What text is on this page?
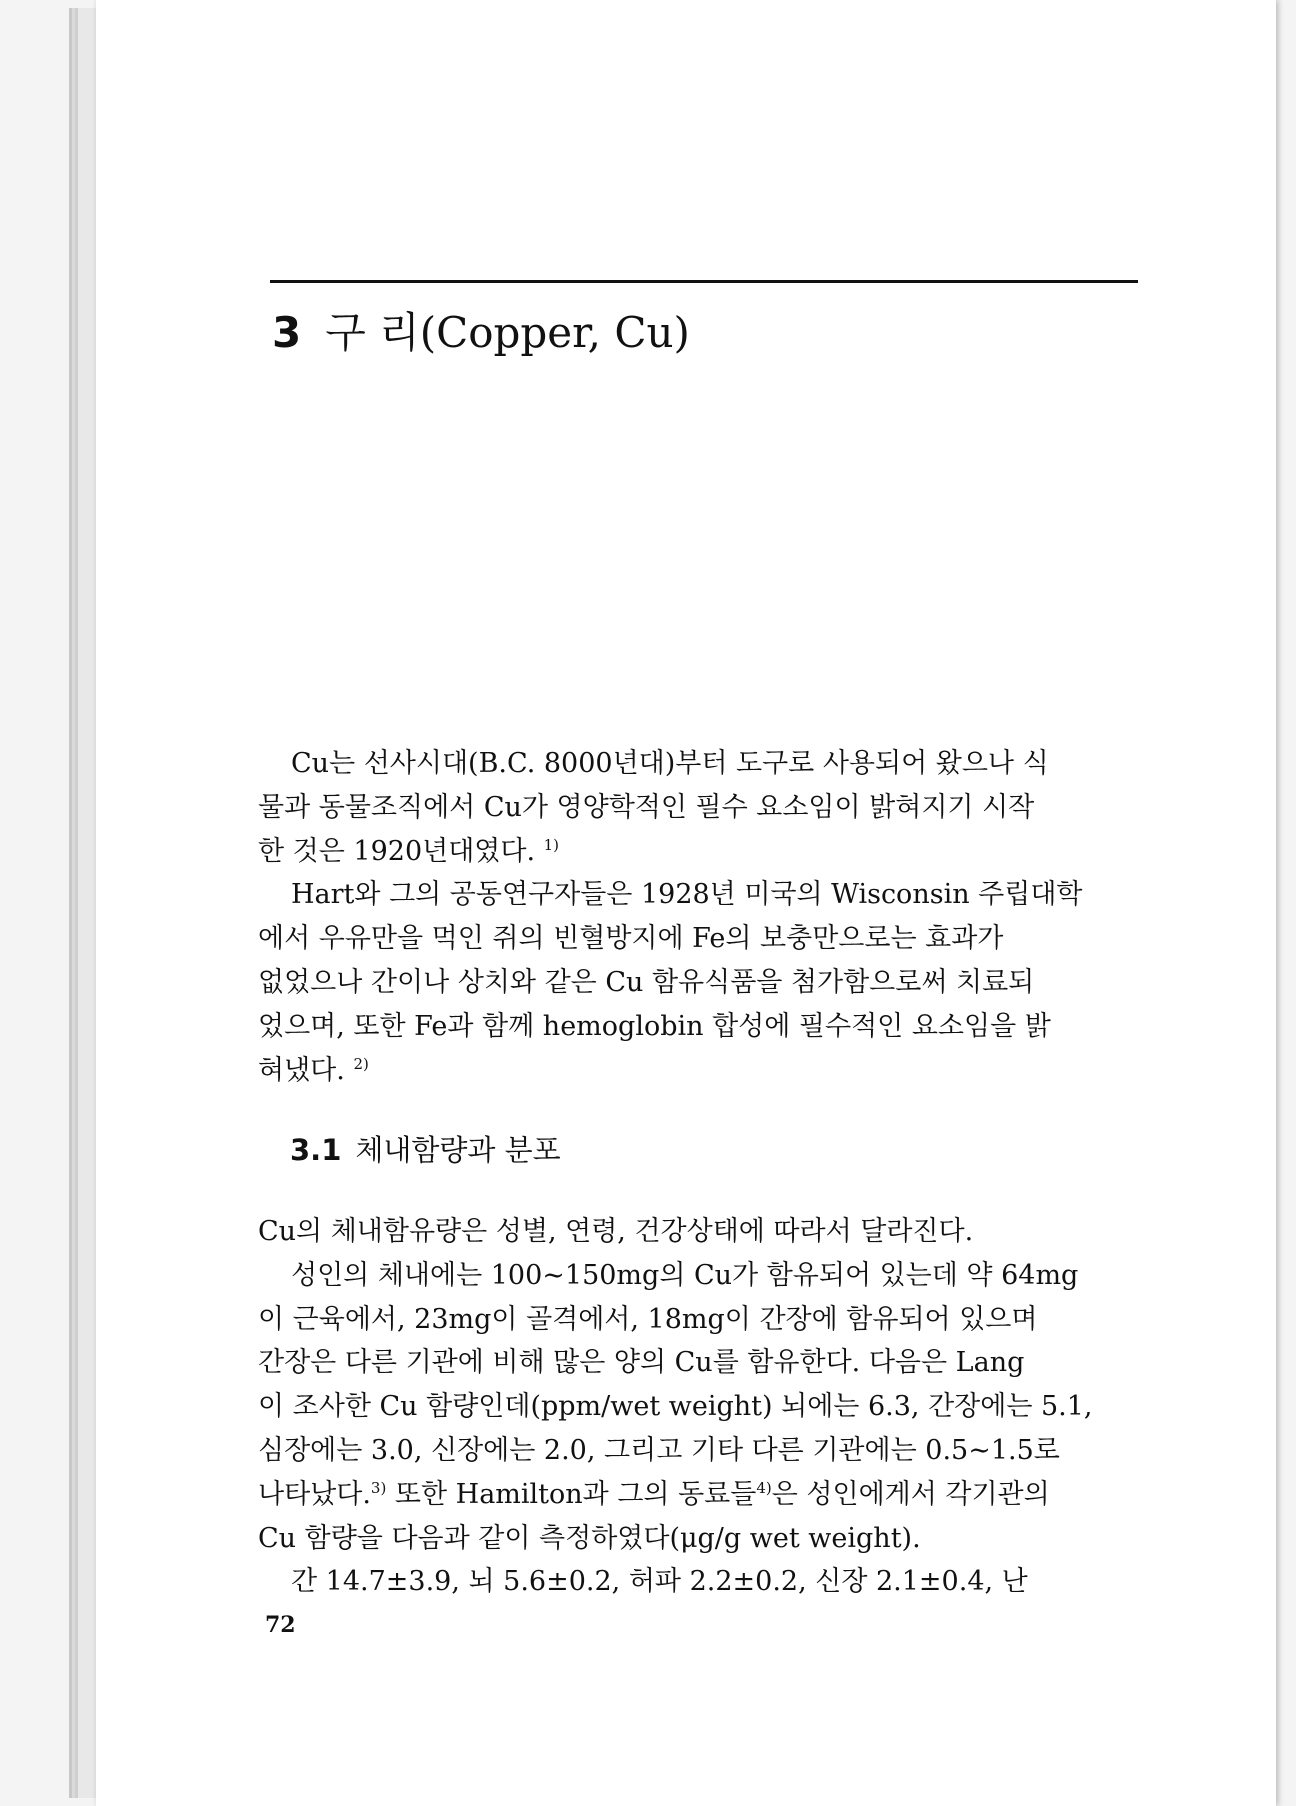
3 구 리(Copper, Cu)
Cu는 선사시대(B.C. 8000년대)부터 도구로 사용되어 왔으나 식
물과 동물조직에서 Cu가 영양학적인 필수 요소임이 밝혀지기 시작
한 것은 1920년대였다. $^{1)}$
Hart와 그의 공동연구자들은 1928년 미국의 Wisconsin 주립대학
에서 우유만을 먹인 쥐의 빈혈방지에 Fe의 보충만으로는 효과가
없었으나 간이나 상치와 같은 Cu 함유식품을 첨가함으로써 치료되
었으며, 또한 Fe과 함께 hemoglobin 합성에 필수적인 요소임을 밝
혀냈다. $^{2)}$
3.1 체내함량과 분포
Cu의 체내함유량은 성별, 연령, 건강상태에 따라서 달라진다.
성인의 체내에는 100∼150mg의 Cu가 함유되어 있는데 약 64mg
이 근육에서, 23mg이 골격에서, 18mg이 간장에 함유되어 있으며
간장은 다른 기관에 비해 많은 양의 Cu를 함유한다. 다음은 Lang
이 조사한 Cu 함량인데(ppm/wet weight) 뇌에는 6.3, 간장에는 5.1,
심장에는 3.0, 신장에는 2.0, 그리고 기타 다른 기관에는 0.5∼1.5로
나타났다.$^{3)}$ 또한 Hamilton과 그의 동료들$^{4)}$은 성인에게서 각기관의
Cu 함량을 다음과 같이 측정하였다(μg/g wet weight).
간 14.7±3.9, 뇌 5.6±0.2, 허파 2.2±0.2, 신장 2.1±0.4, 난
72
